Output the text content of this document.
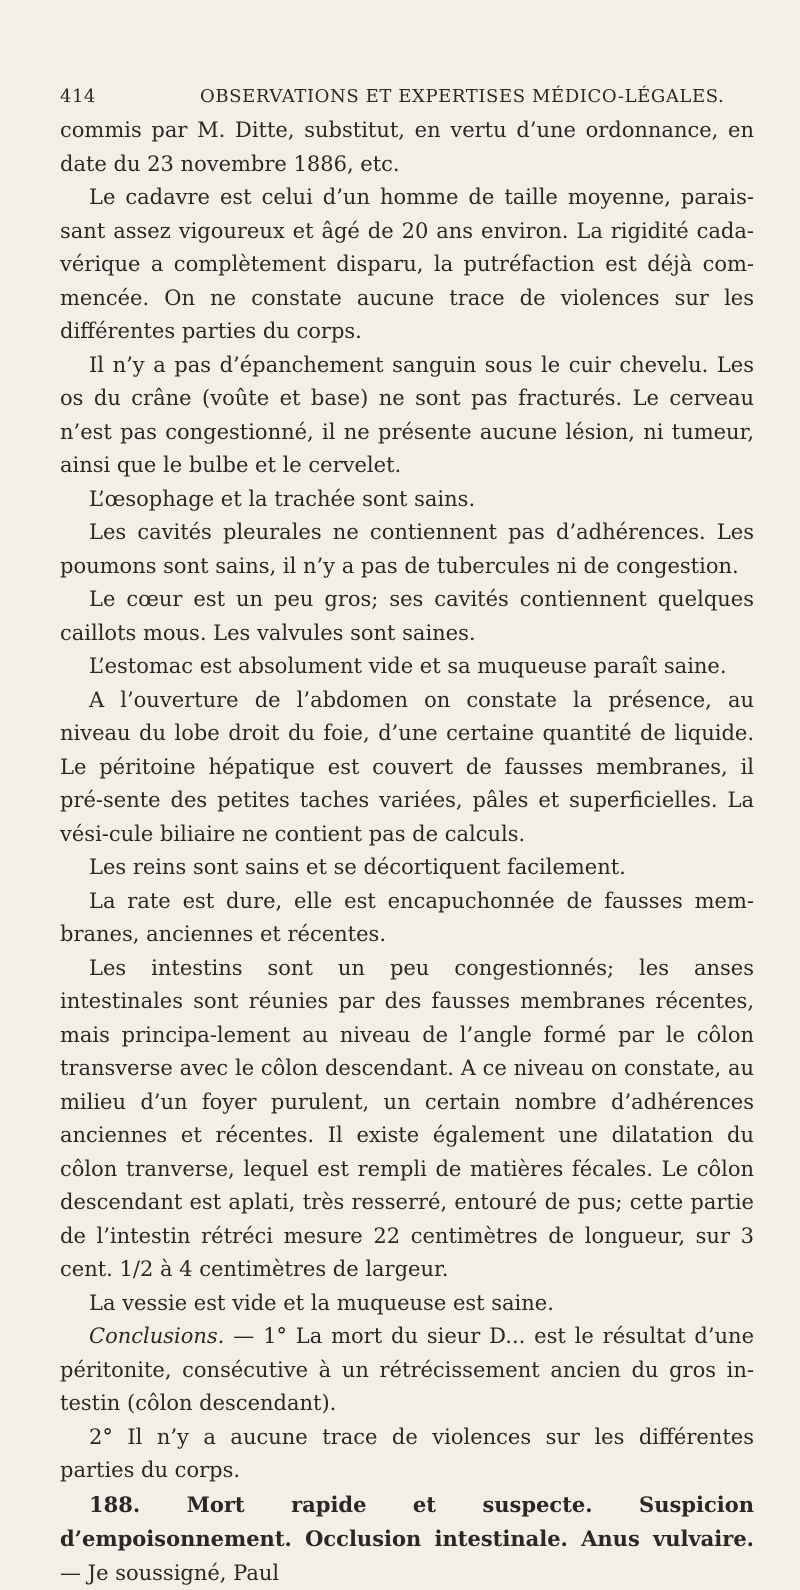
414	OBSERVATIONS ET EXPERTISES MÉDICO-LÉGALES.

commis par M. Ditte, substitut, en vertu d’une ordonnance, en date du 23 novembre 1886, etc.

Le cadavre est celui d’un homme de taille moyenne, parais-sant assez vigoureux et âgé de 20 ans environ. La rigidité cada-vérique a complètement disparu, la putréfaction est déjà com-mencée. On ne constate aucune trace de violences sur les différentes parties du corps.

Il n’y a pas d’épanchement sanguin sous le cuir chevelu. Les os du crâne (voûte et base) ne sont pas fracturés. Le cerveau n’est pas congestionné, il ne présente aucune lésion, ni tumeur, ainsi que le bulbe et le cervelet.

L’œsophage et la trachée sont sains.

Les cavités pleurales ne contiennent pas d’adhérences. Les poumons sont sains, il n’y a pas de tubercules ni de congestion.

Le cœur est un peu gros; ses cavités contiennent quelques caillots mous. Les valvules sont saines.

L’estomac est absolument vide et sa muqueuse paraît saine.

A l’ouverture de l’abdomen on constate la présence, au niveau du lobe droit du foie, d’une certaine quantité de liquide. Le péritoine hépatique est couvert de fausses membranes, il pré-sente des petites taches variées, pâles et superficielles. La vési-cule biliaire ne contient pas de calculs.

Les reins sont sains et se décortiquent facilement.

La rate est dure, elle est encapuchonnée de fausses mem-branes, anciennes et récentes.

Les intestins sont un peu congestionnés; les anses intestinales sont réunies par des fausses membranes récentes, mais principa-lement au niveau de l’angle formé par le côlon transverse avec le côlon descendant. A ce niveau on constate, au milieu d’un foyer purulent, un certain nombre d’adhérences anciennes et récentes. Il existe également une dilatation du côlon tranverse, lequel est rempli de matières fécales. Le côlon descendant est aplati, très resserré, entouré de pus; cette partie de l’intestin rétréci mesure 22 centimètres de longueur, sur 3 cent. 1/2 à 4 centimètres de largeur.

La vessie est vide et la muqueuse est saine.

Conclusions. — 1° La mort du sieur D... est le résultat d’une péritonite, consécutive à un rétrécissement ancien du gros in-testin (côlon descendant).

2° Il n’y a aucune trace de violences sur les différentes parties du corps.

188. Mort rapide et suspecte. Suspicion d’empoisonnement. Occlusion intestinale. Anus vulvaire. — Je soussigné, Paul
